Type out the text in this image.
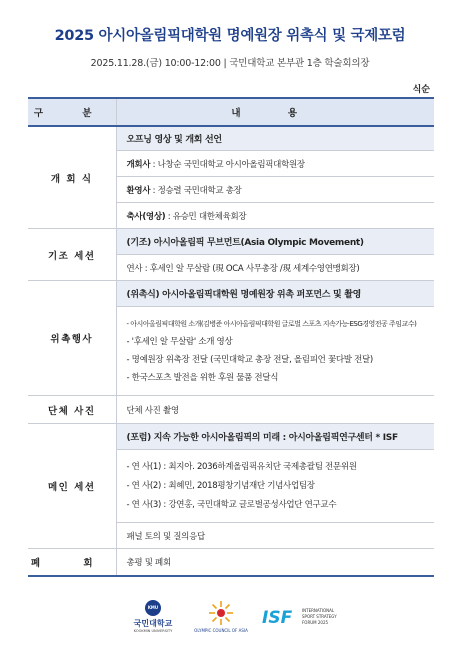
2025 아시아올림픽대학원 명예원장 위촉식 및 국제포럼
2025.11.28.(금) 10:00-12:00 | 국민대학교 본부관 1층 학술회의장
식순
구 분	내 용
개 회 식	오프닝 영상 및 개회 선언
	개회사 : 나창순 국민대학교 아시아올림픽대학원장
	환영사 : 정승렬 국민대학교 총장
	축사(영상) : 유승민 대한체육회장
기조 세션	(기조) 아시아올림픽 무브먼트(Asia Olympic Movement)
	연사 : 후세인 알 무살람 (現 OCA 사무총장 /現 세계수영연맹회장)
위촉행사	(위촉식) 아시아올림픽대학원 명예원장 위촉 퍼포먼스 및 촬영

	- 아시아올림픽대학원 소개(김병준 아시아올림픽대학원 글로벌 스포츠 지속가능·ESG경영전공 주임교수)
- '후세인 알 무살람' 소개 영상
- 명예원장 위촉장 전달 (국민대학교 총장 전달, 올림피언 꽃다발 전달)
- 한국스포츠 발전을 위한 후원 물품 전달식

단체 사진	단체 사진 촬영
메인 세션	(포럼) 지속 가능한 아시아올림픽의 미래 : 아시아올림픽연구센터 * ISF

	- 연 사(1) : 최지아. 2036하계올림픽유치단 국제총괄팀 전문위원
- 연 사(2) : 최혜민, 2018평창기념재단 기념사업팀장
- 연 사(3) : 강연홍, 국민대학교 글로벌공성사업단 연구교수

	패널 토의 및 질의응답
폐 회	총평 및 폐회
KMU
국민대학교
KOOKMIN UNIVERSITY	OLYMPIC COUNCIL OF ASIA
ISF INTERNATIONAL
SPORT STRATEGY
FORUM 2025
